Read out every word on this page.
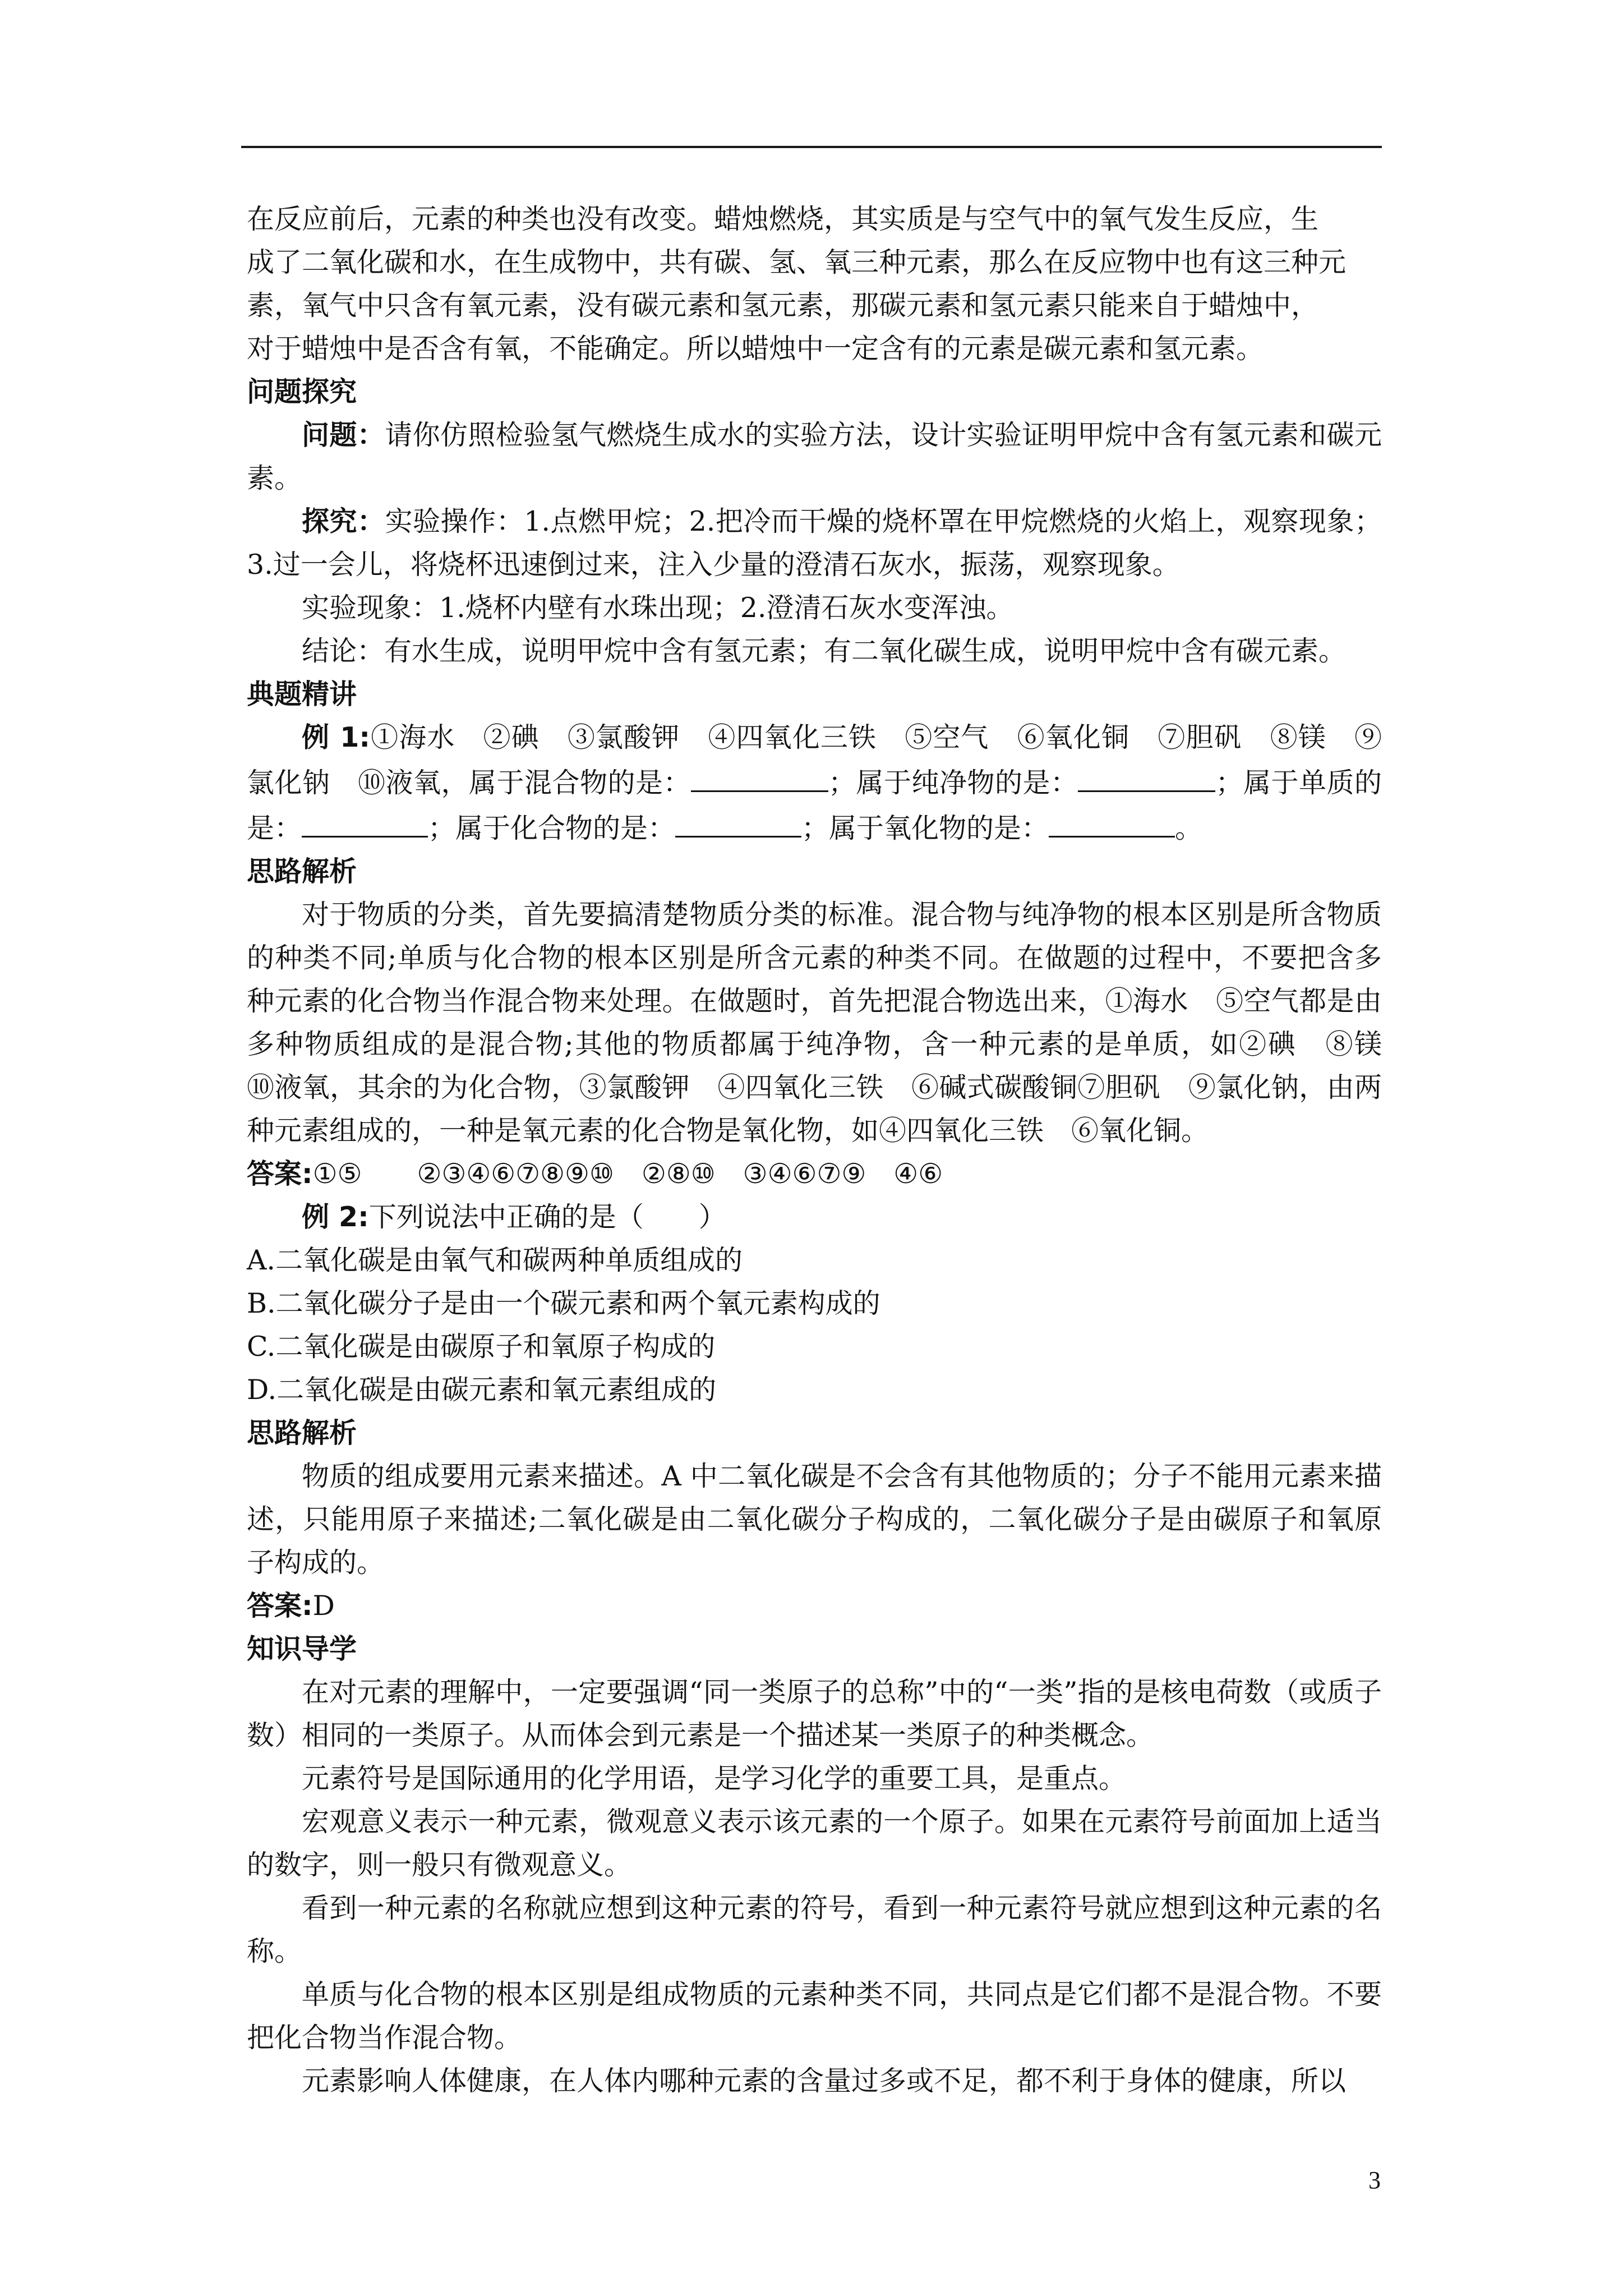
在反应前后，元素的种类也没有改变。蜡烛燃烧，其实质是与空气中的氧气发生反应，生

成了二氧化碳和水，在生成物中，共有碳、氢、氧三种元素，那么在反应物中也有这三种元

素，氧气中只含有氧元素，没有碳元素和氢元素，那碳元素和氢元素只能来自于蜡烛中，

对于蜡烛中是否含有氧，不能确定。所以蜡烛中一定含有的元素是碳元素和氢元素。

问题探究

问题：请你仿照检验氢气燃烧生成水的实验方法，设计实验证明甲烷中含有氢元素和碳元素。

探究：实验操作：1.点燃甲烷；2.把冷而干燥的烧杯罩在甲烷燃烧的火焰上，观察现象；3.过一会儿，将烧杯迅速倒过来，注入少量的澄清石灰水，振荡，观察现象。

实验现象：1.烧杯内壁有水珠出现；2.澄清石灰水变浑浊。

结论：有水生成，说明甲烷中含有氢元素；有二氧化碳生成，说明甲烷中含有碳元素。

典题精讲

例 1:①海水　②碘　③氯酸钾　④四氧化三铁　⑤空气　⑥氧化铜　⑦胆矾　⑧镁　⑨氯化钠　⑩液氧，属于混合物的是：	；属于纯净物的是：	；属于单质的是：	；属于化合物的是：	；属于氧化物的是：	。

思路解析

对于物质的分类，首先要搞清楚物质分类的标准。混合物与纯净物的根本区别是所含物质的种类不同;单质与化合物的根本区别是所含元素的种类不同。在做题的过程中，不要把含多种元素的化合物当作混合物来处理。在做题时，首先把混合物选出来，①海水　⑤空气都是由多种物质组成的是混合物;其他的物质都属于纯净物，含一种元素的是单质，如②碘　⑧镁　⑩液氧，其余的为化合物，③氯酸钾　④四氧化三铁　⑥碱式碳酸铜⑦胆矾　⑨氯化钠，由两种元素组成的，一种是氧元素的化合物是氧化物，如④四氧化三铁　⑥氧化铜。

答案:①⑤　　②③④⑥⑦⑧⑨⑩　②⑧⑩　③④⑥⑦⑨　④⑥

例 2:下列说法中正确的是（　　）

A.二氧化碳是由氧气和碳两种单质组成的

B.二氧化碳分子是由一个碳元素和两个氧元素构成的

C.二氧化碳是由碳原子和氧原子构成的

D.二氧化碳是由碳元素和氧元素组成的

思路解析

物质的组成要用元素来描述。A 中二氧化碳是不会含有其他物质的；分子不能用元素来描述，只能用原子来描述;二氧化碳是由二氧化碳分子构成的，二氧化碳分子是由碳原子和氧原子构成的。

答案:D

知识导学

在对元素的理解中，一定要强调“同一类原子的总称”中的“一类”指的是核电荷数（或质子数）相同的一类原子。从而体会到元素是一个描述某一类原子的种类概念。

元素符号是国际通用的化学用语，是学习化学的重要工具，是重点。

宏观意义表示一种元素，微观意义表示该元素的一个原子。如果在元素符号前面加上适当的数字，则一般只有微观意义。

看到一种元素的名称就应想到这种元素的符号，看到一种元素符号就应想到这种元素的名称。

单质与化合物的根本区别是组成物质的元素种类不同，共同点是它们都不是混合物。不要把化合物当作混合物。

元素影响人体健康，在人体内哪种元素的含量过多或不足，都不利于身体的健康，所以

3
